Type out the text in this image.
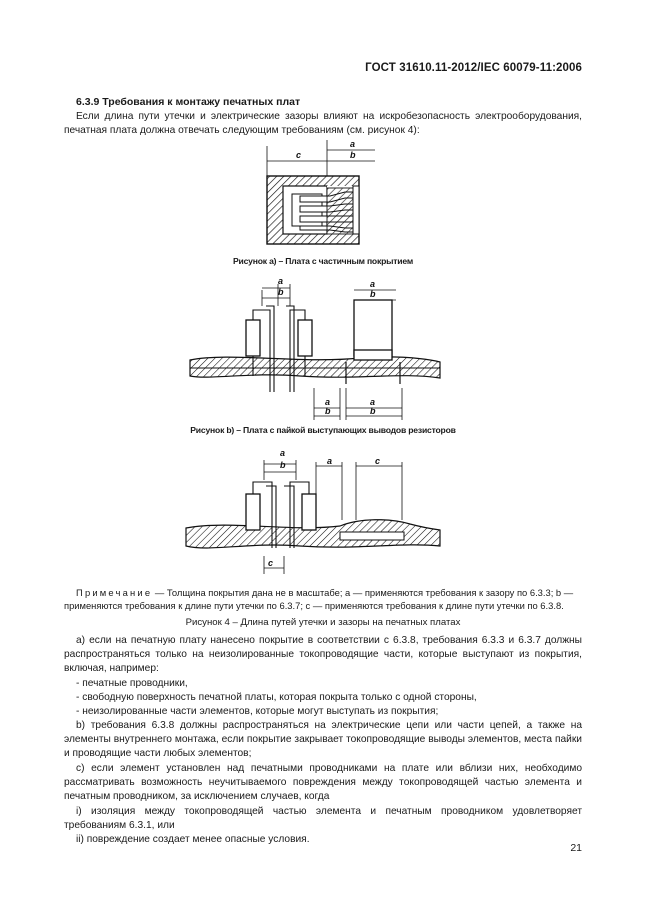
ГОСТ 31610.11-2012/IEC 60079-11:2006
6.3.9 Требования к монтажу печатных плат

Если длина пути утечки и электрические зазоры влияют на искробезопасность электрооборудования, печатная плата должна отвечать следующим требованиям (см. рисунок 4):

a
b
c
Рисунок а) – Плата с частичным покрытием
a
b
a
b
a
b
a
b
Рисунок b) – Плата с пайкой выступающих выводов резисторов
a
b	a	c
c

Примечание — Толщина покрытия дана не в масштабе; a — применяются требования к зазору по 6.3.3; b — применяются требования к длине пути утечки по 6.3.7; c — применяются требования к длине пути утечки по 6.3.8.

Рисунок 4 – Длина путей утечки и зазоры на печатных платах

а) если на печатную плату нанесено покрытие в соответствии с 6.3.8, требования 6.3.3 и 6.3.7 должны распространяться только на неизолированные токопроводящие части, которые выступают из покрытия, включая, например:

- печатные проводники,
- свободную поверхность печатной платы, которая покрыта только с одной стороны,
- неизолированные части элементов, которые могут выступать из покрытия;

b) требования 6.3.8 должны распространяться на электрические цепи или части цепей, а также на элементы внутреннего монтажа, если покрытие закрывает токопроводящие выводы элементов, места пайки и проводящие части любых элементов;

с) если элемент установлен над печатными проводниками на плате или вблизи них, необходимо рассматривать возможность неучитываемого повреждения между токопроводящей частью элемента и печатным проводником, за исключением случаев, когда

i) изоляция между токопроводящей частью элемента и печатным проводником удовлетворяет требованиям 6.3.1, или

ii) повреждение создает менее опасные условия.

21
